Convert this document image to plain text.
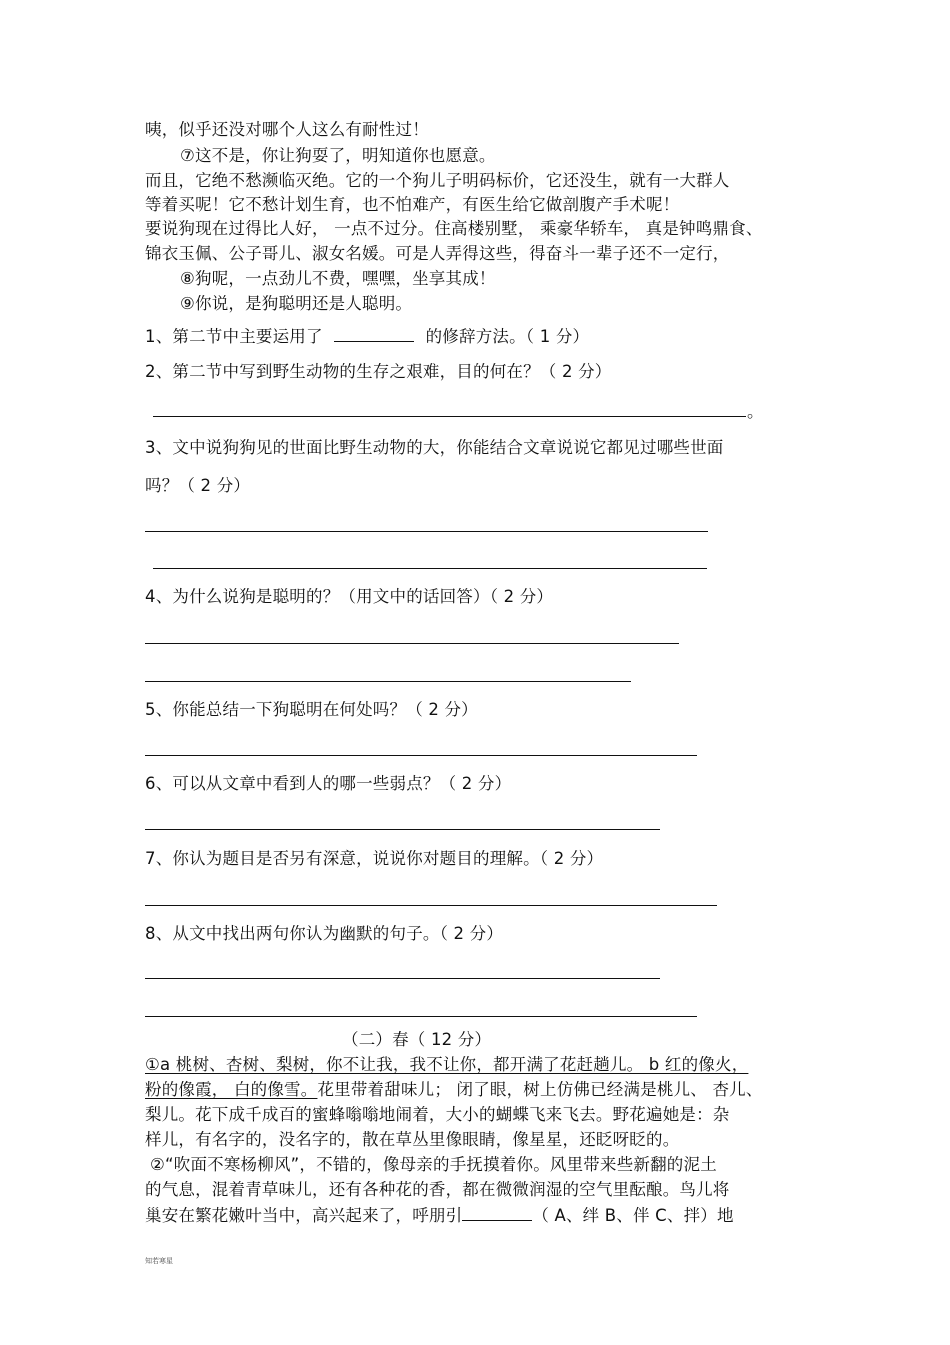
咦，似乎还没对哪个人这么有耐性过！
⑦这不是，你让狗耍了，明知道你也愿意。
而且，它绝不愁濒临灭绝。它的一个狗儿子明码标价，它还没生，就有一大群人
等着买呢！它不愁计划生育，也不怕难产，有医生给它做剖腹产手术呢！
要说狗现在过得比人好， 一点不过分。住高楼别墅， 乘豪华轿车， 真是钟鸣鼎食、
锦衣玉佩、公子哥儿、淑女名媛。可是人弄得这些，得奋斗一辈子还不一定行，
⑧狗呢，一点劲儿不费，嘿嘿，坐享其成！
⑨你说，是狗聪明还是人聪明。
1、第二节中主要运用了	的修辞方法。（ 1 分）
2、第二节中写到野生动物的生存之艰难，目的何在？（ 2 分）
。
3、文中说狗狗见的世面比野生动物的大，你能结合文章说说它都见过哪些世面
吗？（ 2 分）
4、为什么说狗是聪明的？（用文中的话回答）（ 2 分）
5、你能总结一下狗聪明在何处吗？（ 2 分）
6、可以从文章中看到人的哪一些弱点？（ 2 分）
7、你认为题目是否另有深意，说说你对题目的理解。（ 2 分）
8、从文中找出两句你认为幽默的句子。（ 2 分）
（二）春（ 12 分）
①a 桃树、杏树、梨树，你不让我，我不让你，都开满了花赶趟儿。 b 红的像火，
粉的像霞， 白的像雪。花里带着甜味儿； 闭了眼，树上仿佛已经满是桃儿、 杏儿、
梨儿。花下成千成百的蜜蜂嗡嗡地闹着，大小的蝴蝶飞来飞去。野花遍她是：杂
样儿，有名字的，没名字的，散在草丛里像眼睛，像星星，还眨呀眨的。
②“吹面不寒杨柳风”，不错的，像母亲的手抚摸着你。风里带来些新翻的泥土
的气息，混着青草味儿，还有各种花的香，都在微微润湿的空气里酝酿。鸟儿将
巢安在繁花嫩叶当中，高兴起来了，呼朋引	（ A、绊 B、伴 C、拌）地
知若寒星
